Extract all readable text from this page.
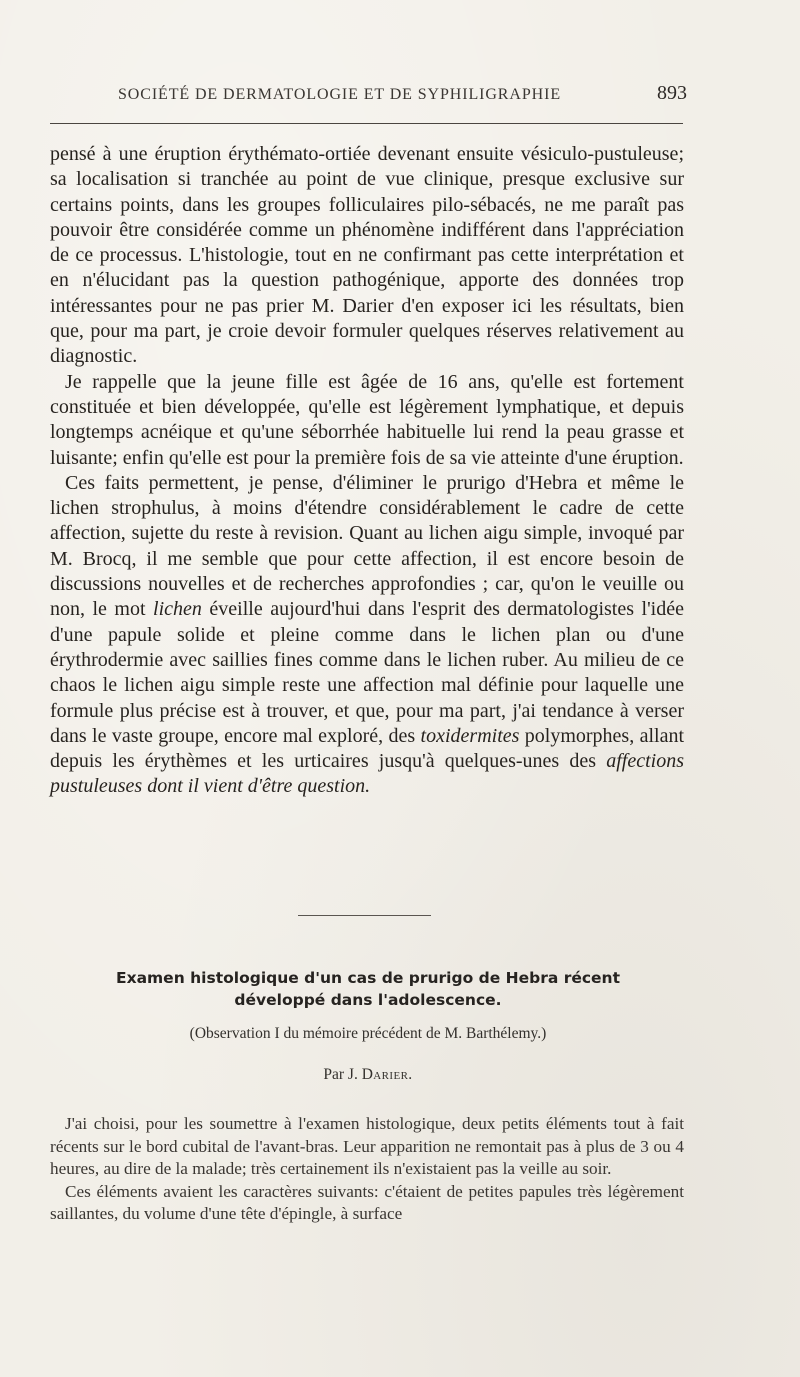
SOCIÉTÉ DE DERMATOLOGIE ET DE SYPHILIGRAPHIE	893

pensé à une éruption érythémato-ortiée devenant ensuite vésiculo-pustuleuse; sa localisation si tranchée au point de vue clinique, presque exclusive sur certains points, dans les groupes folliculaires pilo-sébacés, ne me paraît pas pouvoir être considérée comme un phénomène indifférent dans l'appréciation de ce processus. L'histologie, tout en ne confirmant pas cette interprétation et en n'élucidant pas la question pathogénique, apporte des données trop intéressantes pour ne pas prier M. Darier d'en exposer ici les résultats, bien que, pour ma part, je croie devoir formuler quelques réserves relativement au diagnostic.

Je rappelle que la jeune fille est âgée de 16 ans, qu'elle est fortement constituée et bien développée, qu'elle est légèrement lymphatique, et depuis longtemps acnéique et qu'une séborrhée habituelle lui rend la peau grasse et luisante; enfin qu'elle est pour la première fois de sa vie atteinte d'une éruption.

Ces faits permettent, je pense, d'éliminer le prurigo d'Hebra et même le lichen strophulus, à moins d'étendre considérablement le cadre de cette affection, sujette du reste à revision. Quant au lichen aigu simple, invoqué par M. Brocq, il me semble que pour cette affection, il est encore besoin de discussions nouvelles et de recherches approfondies ; car, qu'on le veuille ou non, le mot lichen éveille aujourd'hui dans l'esprit des dermatologistes l'idée d'une papule solide et pleine comme dans le lichen plan ou d'une érythrodermie avec saillies fines comme dans le lichen ruber. Au milieu de ce chaos le lichen aigu simple reste une affection mal définie pour laquelle une formule plus précise est à trouver, et que, pour ma part, j'ai tendance à verser dans le vaste groupe, encore mal exploré, des toxidermites polymorphes, allant depuis les érythèmes et les urticaires jusqu'à quelques-unes des affections pustuleuses dont il vient d'être question.

Examen histologique d'un cas de prurigo de Hebra récent développé dans l'adolescence.
(Observation I du mémoire précédent de M. Barthélemy.)
Par J. Darier.

J'ai choisi, pour les soumettre à l'examen histologique, deux petits éléments tout à fait récents sur le bord cubital de l'avant-bras. Leur apparition ne remontait pas à plus de 3 ou 4 heures, au dire de la malade; très certainement ils n'existaient pas la veille au soir.

Ces éléments avaient les caractères suivants: c'étaient de petites papules très légèrement saillantes, du volume d'une tête d'épingle, à surface
